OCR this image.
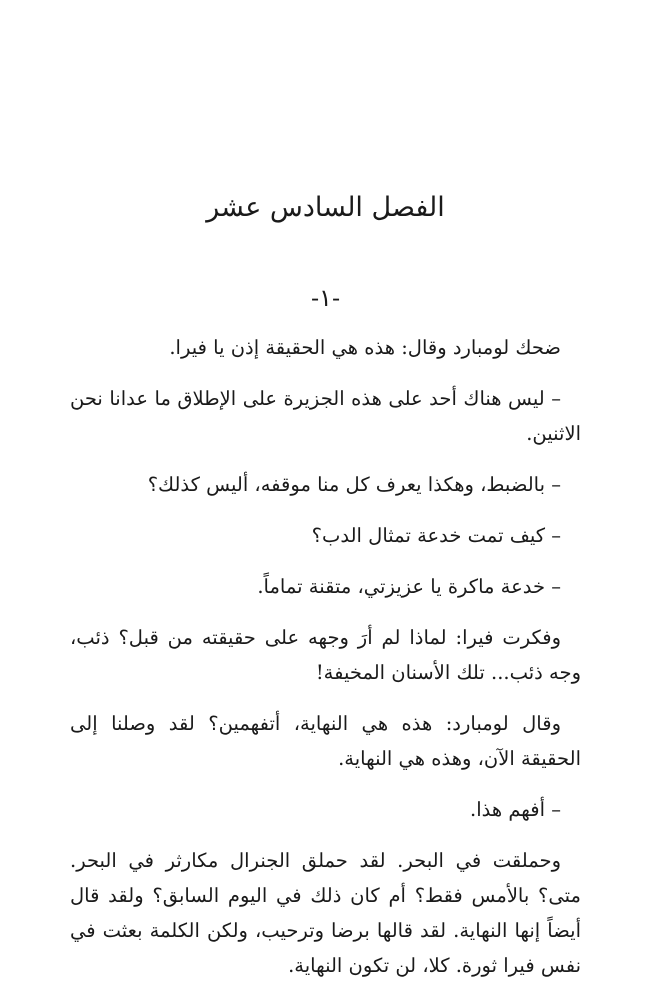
الفصل السادس عشر
-١-

ضحك لومبارد وقال: هذه هي الحقيقة إذن يا فيرا.

– ليس هناك أحد على هذه الجزيرة على الإطلاق ما عدانا نحن الاثنين.

– بالضبط، وهكذا يعرف كل منا موقفه، أليس كذلك؟

– كيف تمت خدعة تمثال الدب؟

– خدعة ماكرة يا عزيزتي، متقنة تماماً.

وفكرت فيرا: لماذا لم أرَ وجهه على حقيقته من قبل؟ ذئب، وجه ذئب... تلك الأسنان المخيفة!

وقال لومبارد: هذه هي النهاية، أتفهمين؟ لقد وصلنا إلى الحقيقة الآن، وهذه هي النهاية.

– أفهم هذا.

وحملقت في البحر. لقد حملق الجنرال مكارثر في البحر. متى؟ بالأمس فقط؟ أم كان ذلك في اليوم السابق؟ ولقد قال أيضاً إنها النهاية. لقد قالها برضا وترحيب، ولكن الكلمة بعثت في نفس فيرا ثورة. كلا، لن تكون النهاية.
